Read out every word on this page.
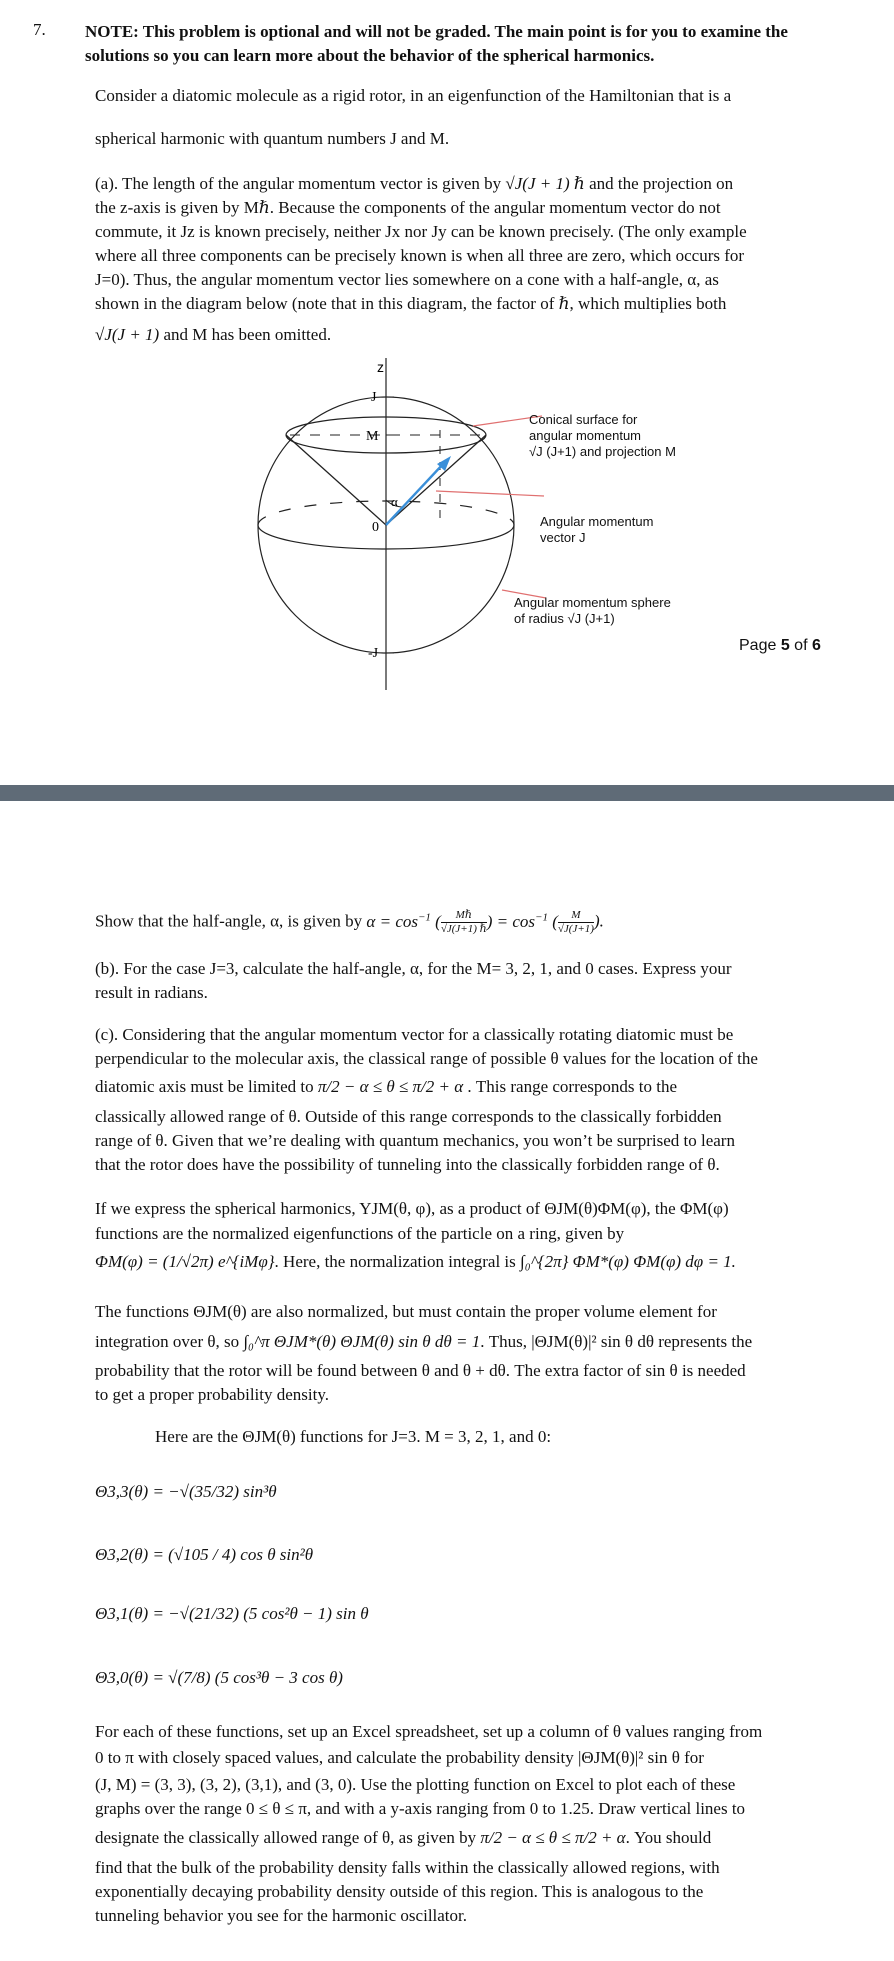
7. NOTE: This problem is optional and will not be graded. The main point is for you to examine the solutions so you can learn more about the behavior of the spherical harmonics.

Consider a diatomic molecule as a rigid rotor, in an eigenfunction of the Hamiltonian that is a

spherical harmonic with quantum numbers J and M.

(a). The length of the angular momentum vector is given by √J(J + 1) ℏ and the projection on

the z-axis is given by Mℏ. Because the components of the angular momentum vector do not

commute, it Jz is known precisely, neither Jx nor Jy can be known precisely. (The only example

where all three components can be precisely known is when all three are zero, which occurs for

J=0). Thus, the angular momentum vector lies somewhere on a cone with a half-angle, α, as

shown in the diagram below (note that in this diagram, the factor of ℏ, which multiplies both

√J(J + 1) and M has been omitted.
z
J
M
0
-J
α
Conical surface for
angular momentum
√J (J+1) and projection M
Angular momentum
vector J
Angular momentum sphere
of radius √J (J+1)
Page 5 of 6
Show that the half-angle, α, is given by $\alpha = \cos^{-1}$ (	Mℏ
√J(J+1) ℏ ) = $\cos^{-1}$ ( $\frac{M}{√J(J+1)}$ ).

(b). For the case J=3, calculate the half-angle, α, for the M= 3, 2, 1, and 0 cases. Express your

result in radians.

(c). Considering that the angular momentum vector for a classically rotating diatomic must be

perpendicular to the molecular axis, the classical range of possible θ values for the location of the

diatomic axis must be limited to π/2 − α ≤ θ ≤ π/2 + α . This range corresponds to the

classically allowed range of θ. Outside of this range corresponds to the classically forbidden

range of θ. Given that we’re dealing with quantum mechanics, you won’t be surprised to learn

that the rotor does have the possibility of tunneling into the classically forbidden range of θ.

If we express the spherical harmonics, YJM(θ, φ), as a product of ΘJM(θ)ΦM(φ), the ΦM(φ)

functions are the normalized eigenfunctions of the particle on a ring, given by

ΦM(φ) = (1/√2π) e^{iMφ}. Here, the normalization integral is ∫₀^{2π} ΦM*(φ) ΦM(φ) dφ = 1.

The functions ΘJM(θ) are also normalized, but must contain the proper volume element for

integration over θ, so ∫₀^π ΘJM*(θ) ΘJM(θ) sin θ dθ = 1. Thus, |ΘJM(θ)|² sin θ dθ represents the

probability that the rotor will be found between θ and θ + dθ. The extra factor of sin θ is needed

to get a proper probability density.

Here are the ΘJM(θ) functions for J=3. M = 3, 2, 1, and 0:

Θ3,3(θ) = −√(35/32) sin³θ
Θ3,2(θ) = (√105 / 4) cos θ sin²θ
Θ3,1(θ) = −√(21/32) (5 cos²θ − 1) sin θ
Θ3,0(θ) = √(7/8) (5 cos³θ − 3 cos θ)

For each of these functions, set up an Excel spreadsheet, set up a column of θ values ranging from

0 to π with closely spaced values, and calculate the probability density |ΘJM(θ)|² sin θ for

(J, M) = (3, 3), (3, 2), (3,1), and (3, 0). Use the plotting function on Excel to plot each of these

graphs over the range 0 ≤ θ ≤ π, and with a y-axis ranging from 0 to 1.25. Draw vertical lines to

designate the classically allowed range of θ, as given by π/2 − α ≤ θ ≤ π/2 + α. You should

find that the bulk of the probability density falls within the classically allowed regions, with

exponentially decaying probability density outside of this region. This is analogous to the

tunneling behavior you see for the harmonic oscillator.
